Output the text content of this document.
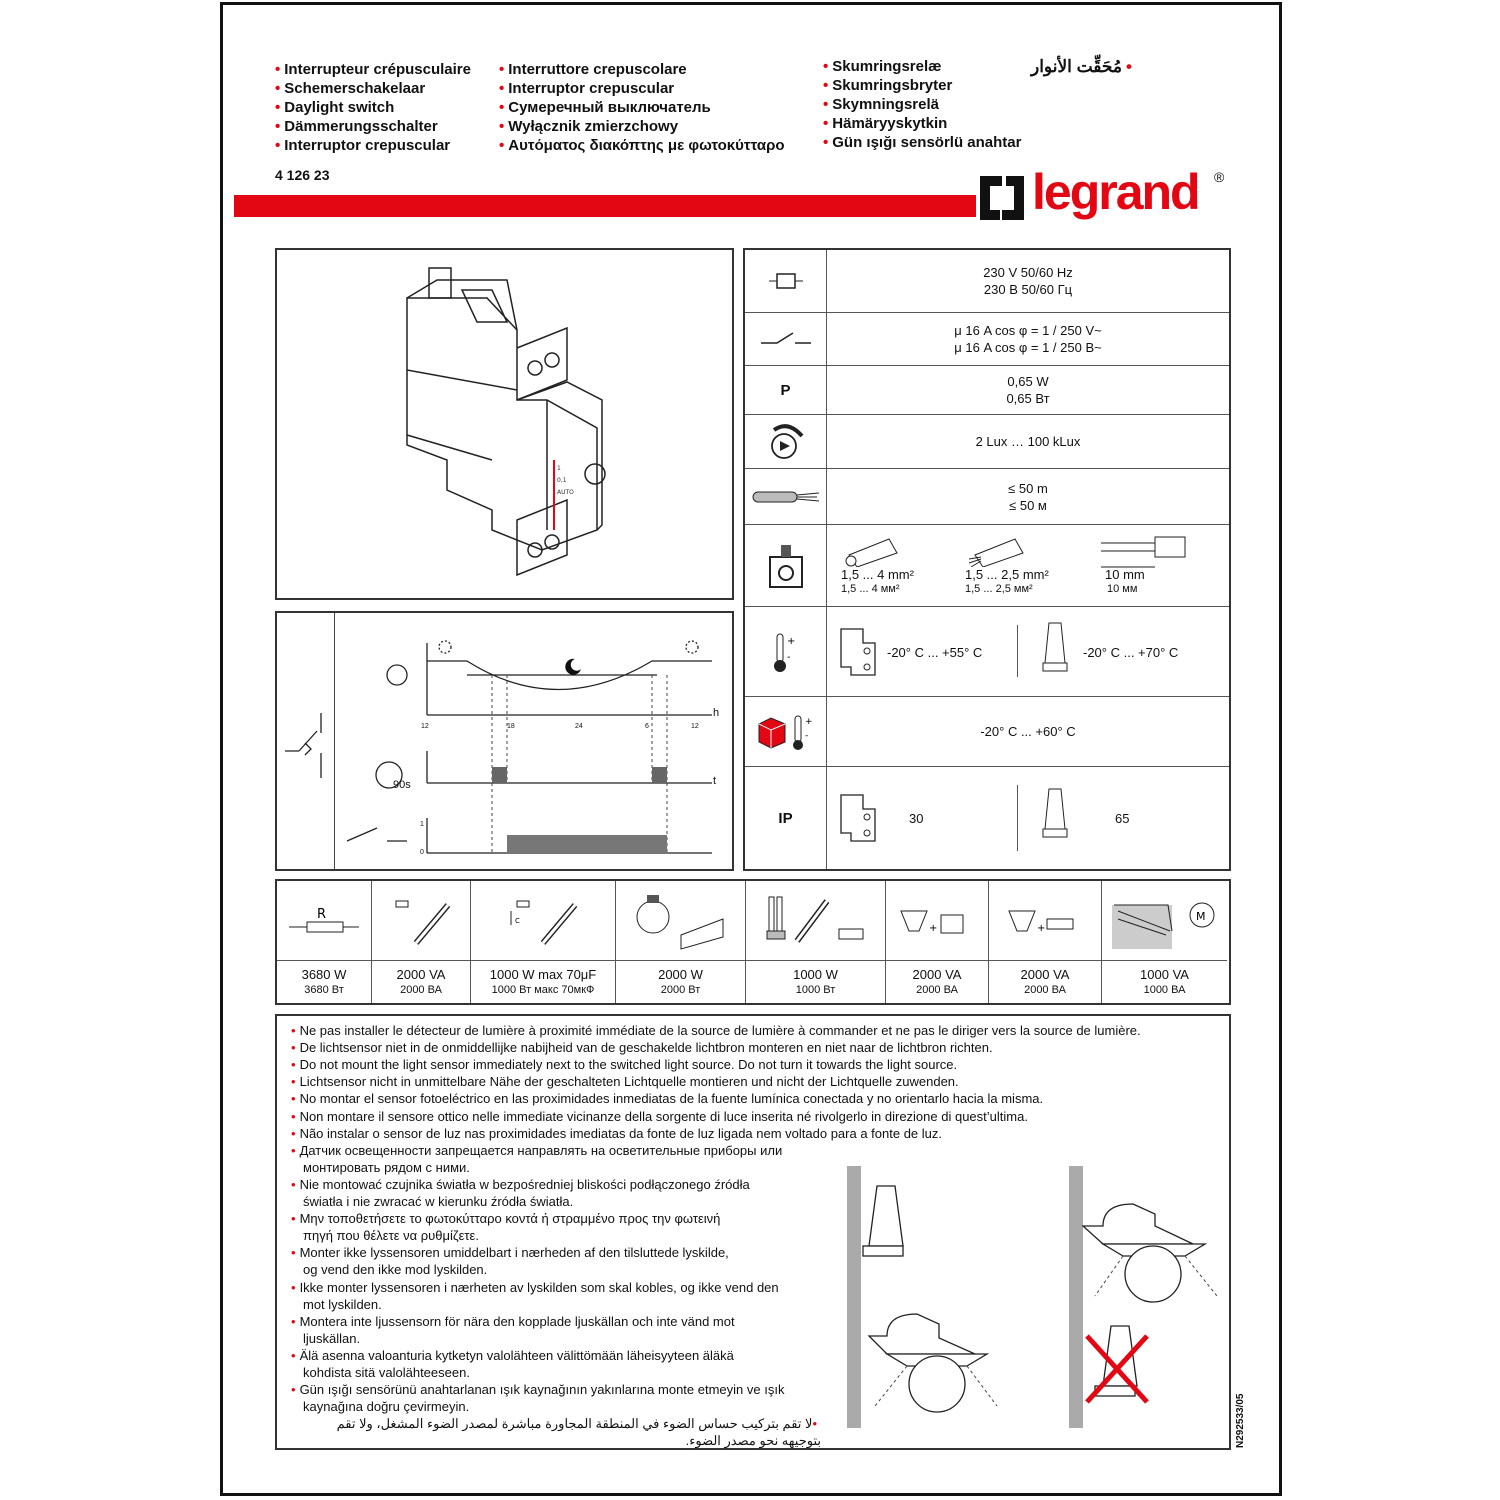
• Interrupteur crépusculaire
• Schemerschakelaar
• Daylight switch
• Dämmerungsschalter
• Interruptor crepuscular
• Interruttore crepuscolare
• Interruptor crepuscular
• Сумеречный выключатель
• Wyłącznik zmierzchowy
• Αυτόματος διακόπτης με φωτοκύτταρο
• Skumringsrelæ
• Skumringsbryter
• Skymningsrelä
• Hämäryyskytkin
• Gün ışığı sensörlü anahtar
مُحَقِّت الأنوار •
4 126 23	legrand ®
1
0,1
AUTO
12	18	24	6	12
h
t
90s
1
0
230 V 50/60 Hz
230 В 50/60 Гц
μ 16 A cos φ = 1 / 250 V~
μ 16 A cos φ = 1 / 250 В~
P	0,65 W
0,65 Вт
2 Lux … 100 kLux
≤ 50 m
≤ 50 м
1,5 ... 4 mm²
1,5 ... 4 мм²
1,5 ... 2,5 mm²
1,5 ... 2,5 мм²
10 mm
10 мм
+
-	-20° C ... +55° C	-20° C ... +70° C
+
-	-20° C ... +60° C
IP	30	65
R
3680 W
3680 Вт
2000 VA
2000 ВА
C
1000 W max 70μF
1000 Вт макс 70мкФ
2000 W
2000 Вт
1000 W
1000 Вт
+
2000 VA
2000 ВА
+
2000 VA
2000 ВА
M
1000 VA
1000 ВА
• Ne pas installer le détecteur de lumière à proximité immédiate de la source de lumière à commander et ne pas le diriger vers la source de lumière.
• De lichtsensor niet in de onmiddellijke nabijheid van de geschakelde lichtbron monteren en niet naar de lichtbron richten.
• Do not mount the light sensor immediately next to the switched light source. Do not turn it towards the light source.
• Lichtsensor nicht in unmittelbare Nähe der geschalteten Lichtquelle montieren und nicht der Lichtquelle zuwenden.
• No montar el sensor fotoeléctrico en las proximidades inmediatas de la fuente lumínica conectada y no orientarlo hacia la misma.
• Non montare il sensore ottico nelle immediate vicinanze della sorgente di luce inserita né rivolgerlo in direzione di quest’ultima.
• Não instalar o sensor de luz nas proximidades imediatas da fonte de luz ligada nem voltado para a fonte de luz.
• Датчик освещенности запрещается направлять на осветительные приборы или
монтировать рядом с ними.
• Nie montować czujnika światła w bezpośredniej bliskości podłączonego źródła
światła i nie zwracać w kierunku źródła światła.
• Μην τοποθετήσετε το φωτοκύτταρο κοντά ή στραμμένο προς την φωτεινή
πηγή που θέλετε να ρυθμίζετε.
• Monter ikke lyssensoren umiddelbart i nærheden af den tilsluttede lyskilde,
og vend den ikke mod lyskilden.
• Ikke monter lyssensoren i nærheten av lyskilden som skal kobles, og ikke vend den
mot lyskilden.
• Montera inte ljussensorn för nära den kopplade ljuskällan och inte vänd mot
ljuskällan.
• Älä asenna valoanturia kytketyn valolähteen välittömään läheisyyteen äläkä
kohdista sitä valolähteeseen.
• Gün ışığı sensörünü anahtarlanan ışık kaynağının yakınlarına monte etmeyin ve ışık
kaynağına doğru çevirmeyin.
•لا تقم بتركيب حساس الضوء في المنطقة المجاورة مباشرة لمصدر الضوء المشغل، ولا تقم
بتوجيهه نحو مصدر الضوء.	N292533/05
